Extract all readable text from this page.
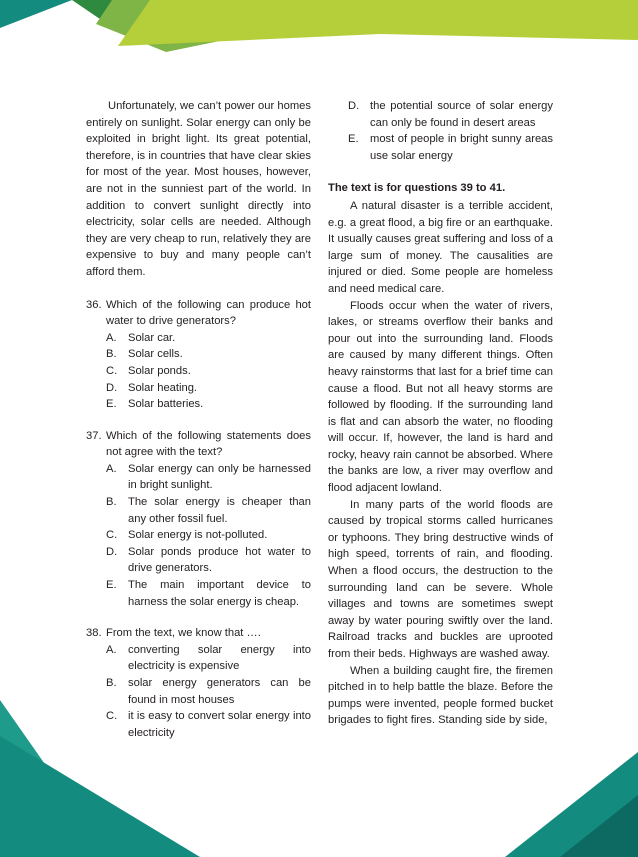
Unfortunately, we can’t power our homes entirely on sunlight. Solar energy can only be exploited in bright light. Its great potential, therefore, is in countries that have clear skies for most of the year. Most houses, however, are not in the sunniest part of the world. In addition to convert sunlight directly into electricity, solar cells are needed. Although they are very cheap to run, relatively they are expensive to buy and many people can’t afford them.

36. Which of the following can produce hot water to drive generators?
A.	Solar car.
B.	Solar cells.
C. Solar ponds.
D. Solar heating.
E.	Solar batteries.
37. Which of the following statements does not agree with the text?
A.	Solar energy can only be harnessed in bright sunlight.
B.	The solar energy is cheaper than any other fossil fuel.
C. Solar energy is not-polluted.
D. Solar ponds produce hot water to drive generators.
E.	The main important device to harness the solar energy is cheap.
38. From the text, we know that ….
A.	converting solar energy into electricity is expensive
B.	solar energy generators can be found in most houses
C. it is easy to convert solar energy into electricity
D. the potential source of solar energy can only be found in desert areas
E.	most of people in bright sunny areas use solar energy
The text is for questions 39 to 41.

A natural disaster is a terrible accident, e.g. a great flood, a big fire or an earthquake. It usually causes great suffering and loss of a large sum of money. The causalities are injured or died. Some people are homeless and need medical care.

Floods occur when the water of rivers, lakes, or streams overflow their banks and pour out into the surrounding land. Floods are caused by many different things. Often heavy rainstorms that last for a brief time can cause a flood. But not all heavy storms are followed by flooding. If the surrounding land is flat and can absorb the water, no flooding will occur. If, however, the land is hard and rocky, heavy rain cannot be absorbed. Where the banks are low, a river may overflow and flood adjacent lowland.

In many parts of the world floods are caused by tropical storms called hurricanes or typhoons. They bring destructive winds of high speed, torrents of rain, and flooding. When a flood occurs, the destruction to the surrounding land can be severe. Whole villages and towns are sometimes swept away by water pouring swiftly over the land. Railroad tracks and buckles are uprooted from their beds. Highways are washed away.

When a building caught fire, the firemen pitched in to help battle the blaze. Before the pumps were invented, people formed bucket brigades to fight fires. Standing side by side,
